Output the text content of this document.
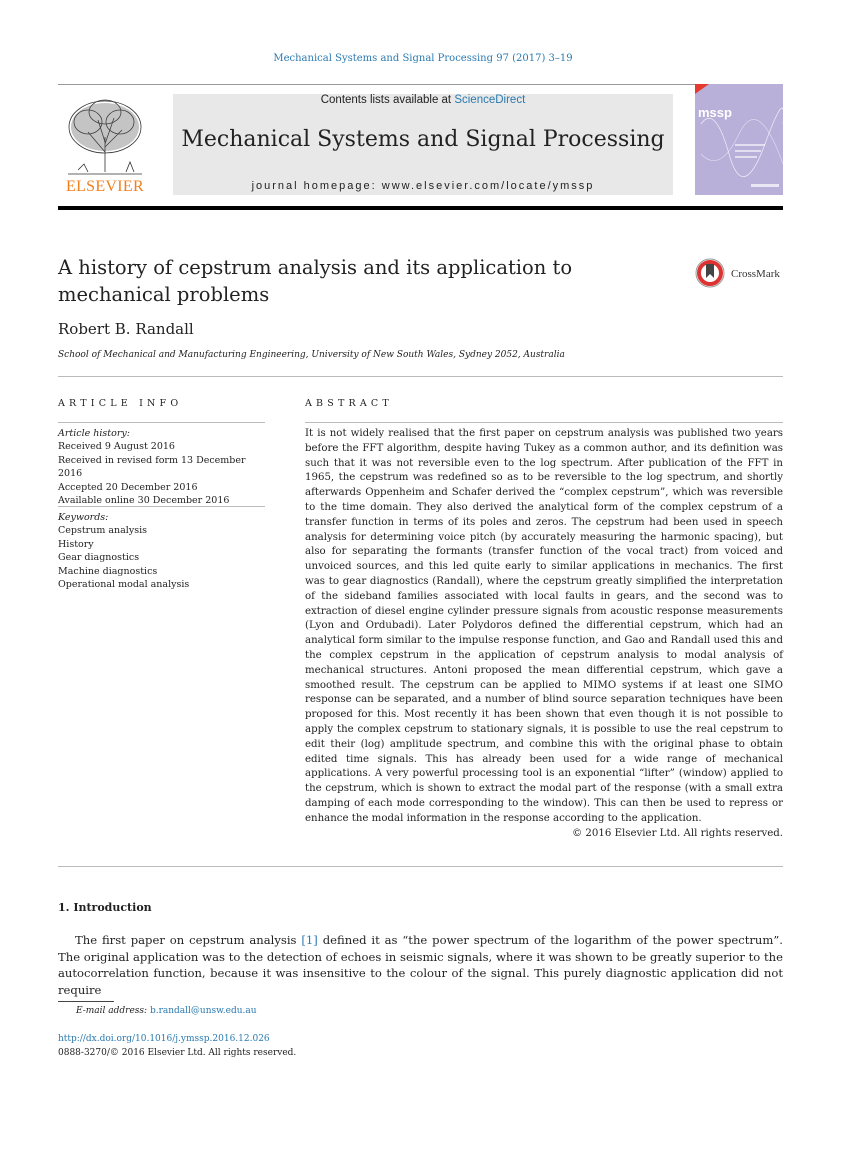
Mechanical Systems and Signal Processing 97 (2017) 3–19
ELSEVIER
Contents lists available at ScienceDirect
Mechanical Systems and Signal Processing
journal homepage: www.elsevier.com/locate/ymssp
mssp
A history of cepstrum analysis and its application to mechanical problems
CrossMark
Robert B. Randall
School of Mechanical and Manufacturing Engineering, University of New South Wales, Sydney 2052, Australia
ARTICLE INFO	ABSTRACT
Article history:
Received 9 August 2016
Received in revised form 13 December 2016
Accepted 20 December 2016
Available online 30 December 2016
Keywords:
Cepstrum analysis
History
Gear diagnostics
Machine diagnostics
Operational modal analysis

It is not widely realised that the first paper on cepstrum analysis was published two years before the FFT algorithm, despite having Tukey as a common author, and its definition was such that it was not reversible even to the log spectrum. After publication of the FFT in 1965, the cepstrum was redefined so as to be reversible to the log spectrum, and shortly afterwards Oppenheim and Schafer derived the “complex cepstrum”, which was reversible to the time domain. They also derived the analytical form of the complex cepstrum of a transfer function in terms of its poles and zeros. The cepstrum had been used in speech analysis for determining voice pitch (by accurately measuring the harmonic spacing), but also for separating the formants (transfer function of the vocal tract) from voiced and unvoiced sources, and this led quite early to similar applications in mechanics. The first was to gear diagnostics (Randall), where the cepstrum greatly simplified the interpretation of the sideband families associated with local faults in gears, and the second was to extraction of diesel engine cylinder pressure signals from acoustic response measurements (Lyon and Ordubadi). Later Polydoros defined the differential cepstrum, which had an analytical form similar to the impulse response function, and Gao and Randall used this and the complex cepstrum in the application of cepstrum analysis to modal analysis of mechanical structures. Antoni proposed the mean differential cepstrum, which gave a smoothed result. The cepstrum can be applied to MIMO systems if at least one SIMO response can be separated, and a number of blind source separation techniques have been proposed for this. Most recently it has been shown that even though it is not possible to apply the complex cepstrum to stationary signals, it is possible to use the real cepstrum to edit their (log) amplitude spectrum, and combine this with the original phase to obtain edited time signals. This has already been used for a wide range of mechanical applications. A very powerful processing tool is an exponential “lifter” (window) applied to the cepstrum, which is shown to extract the modal part of the response (with a small extra damping of each mode corresponding to the window). This can then be used to repress or enhance the modal information in the response according to the application.

© 2016 Elsevier Ltd. All rights reserved.

1. Introduction

The first paper on cepstrum analysis [1] defined it as “the power spectrum of the logarithm of the power spectrum”. The original application was to the detection of echoes in seismic signals, where it was shown to be greatly superior to the autocorrelation function, because it was insensitive to the colour of the signal. This purely diagnostic application did not require

E-mail address: b.randall@unsw.edu.au
http://dx.doi.org/10.1016/j.ymssp.2016.12.026
0888-3270/© 2016 Elsevier Ltd. All rights reserved.
